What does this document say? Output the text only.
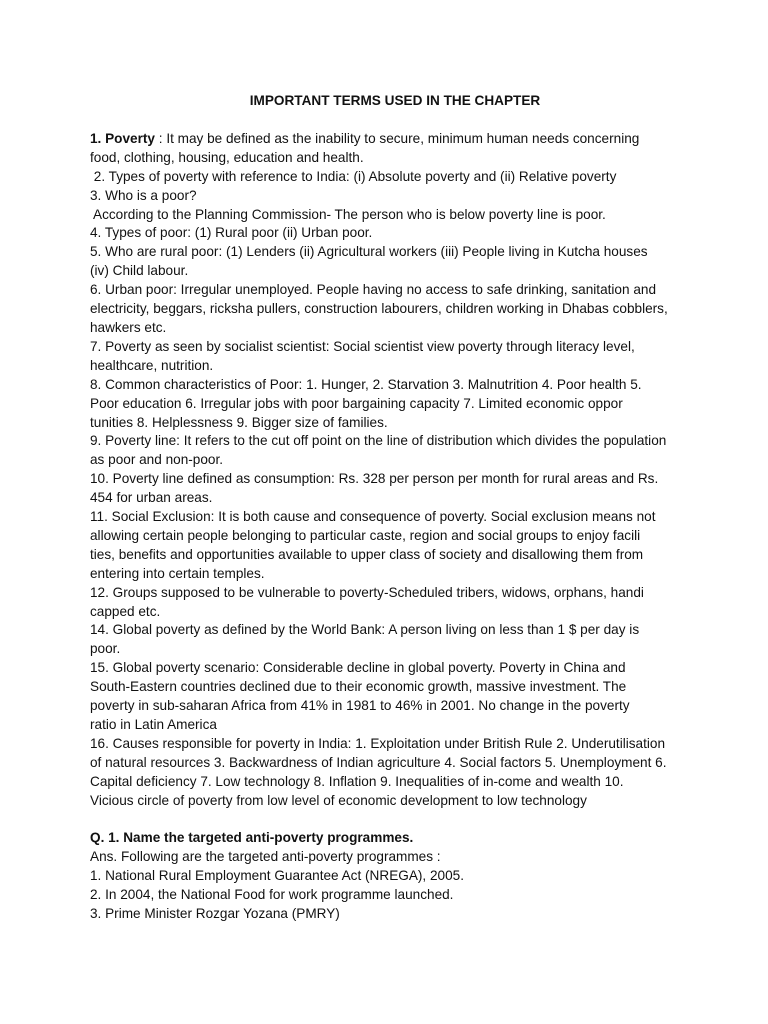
IMPORTANT TERMS USED IN THE CHAPTER

1. Poverty : It may be defined as the inability to secure, minimum human needs concerning

food, clothing, housing, education and health.

2. Types of poverty with reference to India: (i) Absolute poverty and (ii) Relative poverty

3. Who is a poor?

According to the Planning Commission- The person who is below poverty line is poor.

4. Types of poor: (1) Rural poor (ii) Urban poor.

5. Who are rural poor: (1) Lenders (ii) Agricultural workers (iii) People living in Kutcha houses

(iv) Child labour.

6. Urban poor: Irregular unemployed. People having no access to safe drinking, sanitation and

electricity, beggars, ricksha pullers, construction labourers, children working in Dhabas cobblers,

hawkers etc.

7. Poverty as seen by socialist scientist: Social scientist view poverty through literacy level,

healthcare, nutrition.

8. Common characteristics of Poor: 1. Hunger, 2. Starvation 3. Malnutrition 4. Poor health 5.

Poor education 6. Irregular jobs with poor bargaining capacity 7. Limited economic oppor

tunities 8. Helplessness 9. Bigger size of families.

9. Poverty line: It refers to the cut off point on the line of distribution which divides the population

as poor and non-poor.

10. Poverty line defined as consumption: Rs. 328 per person per month for rural areas and Rs.

454 for urban areas.

11. Social Exclusion: It is both cause and consequence of poverty. Social exclusion means not

allowing certain people belonging to particular caste, region and social groups to enjoy facili

ties, benefits and opportunities available to upper class of society and disallowing them from

entering into certain temples.

12. Groups supposed to be vulnerable to poverty-Scheduled tribers, widows, orphans, handi

capped etc.

14. Global poverty as defined by the World Bank: A person living on less than 1 $ per day is

poor.

15. Global poverty scenario: Considerable decline in global poverty. Poverty in China and

South-Eastern countries declined due to their economic growth, massive investment. The

poverty in sub-saharan Africa from 41% in 1981 to 46% in 2001. No change in the poverty

ratio in Latin America

16. Causes responsible for poverty in India: 1. Exploitation under British Rule 2. Underutilisation

of natural resources 3. Backwardness of Indian agriculture 4. Social factors 5. Unemployment 6.

Capital deficiency 7. Low technology 8. Inflation 9. Inequalities of in-come and wealth 10.

Vicious circle of poverty from low level of economic development to low technology

Q. 1. Name the targeted anti-poverty programmes.

Ans. Following are the targeted anti-poverty programmes :

1. National Rural Employment Guarantee Act (NREGA), 2005.

2. In 2004, the National Food for work programme launched.

3. Prime Minister Rozgar Yozana (PMRY)
